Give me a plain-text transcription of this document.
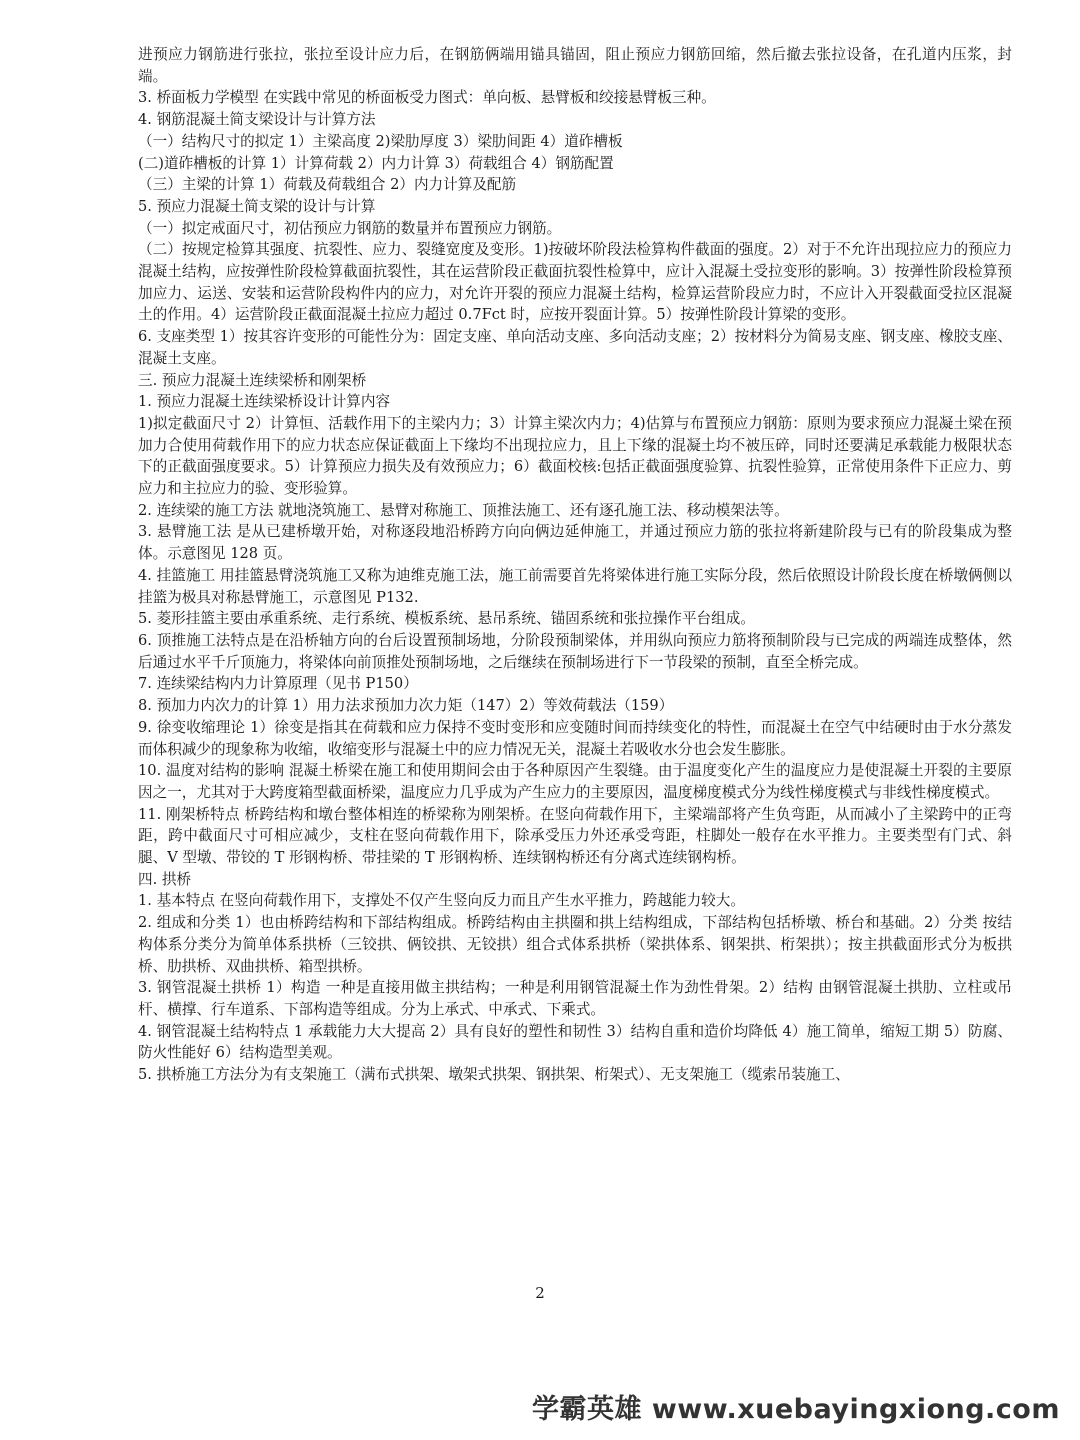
进预应力钢筋进行张拉，张拉至设计应力后，在钢筋俩端用锚具锚固，阻止预应力钢筋回缩，然后撤去张拉设备，在孔道内压浆，封端。

3. 桥面板力学模型 在实践中常见的桥面板受力图式：单向板、悬臂板和绞接悬臂板三种。

4. 钢筋混凝土简支梁设计与计算方法

（一）结构尺寸的拟定 1）主梁高度 2)梁肋厚度 3）梁肋间距 4）道砟槽板

(二)道砟槽板的计算 1）计算荷载 2）内力计算 3）荷载组合 4）钢筋配置

（三）主梁的计算 1）荷载及荷载组合 2）内力计算及配筋

5. 预应力混凝土简支梁的设计与计算

（一）拟定戒面尺寸，初估预应力钢筋的数量并布置预应力钢筋。

（二）按规定检算其强度、抗裂性、应力、裂缝宽度及变形。1)按破坏阶段法检算构件截面的强度。2）对于不允许出现拉应力的预应力混凝土结构，应按弹性阶段检算截面抗裂性，其在运营阶段正截面抗裂性检算中，应计入混凝土受拉变形的影响。3）按弹性阶段检算预加应力、运送、安装和运营阶段构件内的应力，对允许开裂的预应力混凝土结构，检算运营阶段应力时，不应计入开裂截面受拉区混凝土的作用。4）运营阶段正截面混凝土拉应力超过 0.7Fct 时，应按开裂面计算。5）按弹性阶段计算梁的变形。

6. 支座类型 1）按其容许变形的可能性分为：固定支座、单向活动支座、多向活动支座；2）按材料分为简易支座、钢支座、橡胶支座、混凝土支座。

三. 预应力混凝土连续梁桥和刚架桥

1. 预应力混凝土连续梁桥设计计算内容

1)拟定截面尺寸 2）计算恒、活载作用下的主梁内力；3）计算主梁次内力；4)估算与布置预应力钢筋：原则为要求预应力混凝土梁在预加力合使用荷载作用下的应力状态应保证截面上下缘均不出现拉应力，且上下缘的混凝土均不被压碎，同时还要满足承载能力极限状态下的正截面强度要求。5）计算预应力损失及有效预应力；6）截面校核:包括正截面强度验算、抗裂性验算，正常使用条件下正应力、剪应力和主拉应力的验、变形验算。

2. 连续梁的施工方法 就地浇筑施工、悬臂对称施工、顶推法施工、还有逐孔施工法、移动模架法等。

3. 悬臂施工法 是从已建桥墩开始，对称逐段地沿桥跨方向向俩边延伸施工，并通过预应力筋的张拉将新建阶段与已有的阶段集成为整体。示意图见 128 页。

4. 挂篮施工 用挂篮悬臂浇筑施工又称为迪维克施工法，施工前需要首先将梁体进行施工实际分段，然后依照设计阶段长度在桥墩俩侧以挂篮为极具对称悬臂施工，示意图见 P132.

5. 菱形挂篮主要由承重系统、走行系统、模板系统、悬吊系统、锚固系统和张拉操作平台组成。

6. 顶推施工法特点是在沿桥轴方向的台后设置预制场地，分阶段预制梁体，并用纵向预应力筋将预制阶段与已完成的两端连成整体，然后通过水平千斤顶施力，将梁体向前顶推处预制场地，之后继续在预制场进行下一节段梁的预制，直至全桥完成。

7. 连续梁结构内力计算原理（见书 P150）

8. 预加力内次力的计算 1）用力法求预加力次力矩（147）2）等效荷载法（159）

9. 徐变收缩理论 1）徐变是指其在荷载和应力保持不变时变形和应变随时间而持续变化的特性，而混凝土在空气中结硬时由于水分蒸发而体积减少的现象称为收缩，收缩变形与混凝土中的应力情况无关，混凝土若吸收水分也会发生膨胀。

10. 温度对结构的影响 混凝土桥梁在施工和使用期间会由于各种原因产生裂缝。由于温度变化产生的温度应力是使混凝土开裂的主要原因之一，尤其对于大跨度箱型截面桥梁，温度应力几乎成为产生应力的主要原因，温度梯度模式分为线性梯度模式与非线性梯度模式。

11. 刚架桥特点 桥跨结构和墩台整体相连的桥梁称为刚架桥。在竖向荷载作用下，主梁端部将产生负弯距，从而减小了主梁跨中的正弯距，跨中截面尺寸可相应减少，支柱在竖向荷载作用下，除承受压力外还承受弯距，柱脚处一般存在水平推力。主要类型有门式、斜腿、V 型墩、带铰的 T 形钢构桥、带挂梁的 T 形钢构桥、连续钢构桥还有分离式连续钢构桥。

四. 拱桥

1. 基本特点 在竖向荷载作用下，支撑处不仅产生竖向反力而且产生水平推力，跨越能力较大。

2. 组成和分类 1）也由桥跨结构和下部结构组成。桥跨结构由主拱圈和拱上结构组成，下部结构包括桥墩、桥台和基础。2）分类 按结构体系分类分为简单体系拱桥（三铰拱、俩铰拱、无铰拱）组合式体系拱桥（梁拱体系、钢架拱、桁架拱）；按主拱截面形式分为板拱桥、肋拱桥、双曲拱桥、箱型拱桥。

3. 钢管混凝土拱桥 1）构造 一种是直接用做主拱结构；一种是利用钢管混凝土作为劲性骨架。2）结构 由钢管混凝土拱肋、立柱或吊杆、横撑、行车道系、下部构造等组成。分为上承式、中承式、下乘式。

4. 钢管混凝土结构特点 1 承载能力大大提高 2）具有良好的塑性和韧性 3）结构自重和造价均降低 4）施工简单，缩短工期 5）防腐、防火性能好 6）结构造型美观。

5. 拱桥施工方法分为有支架施工（满布式拱架、墩架式拱架、钢拱架、桁架式）、无支架施工（缆索吊装施工、

2
学霸英雄 www.xuebayingxiong.com
